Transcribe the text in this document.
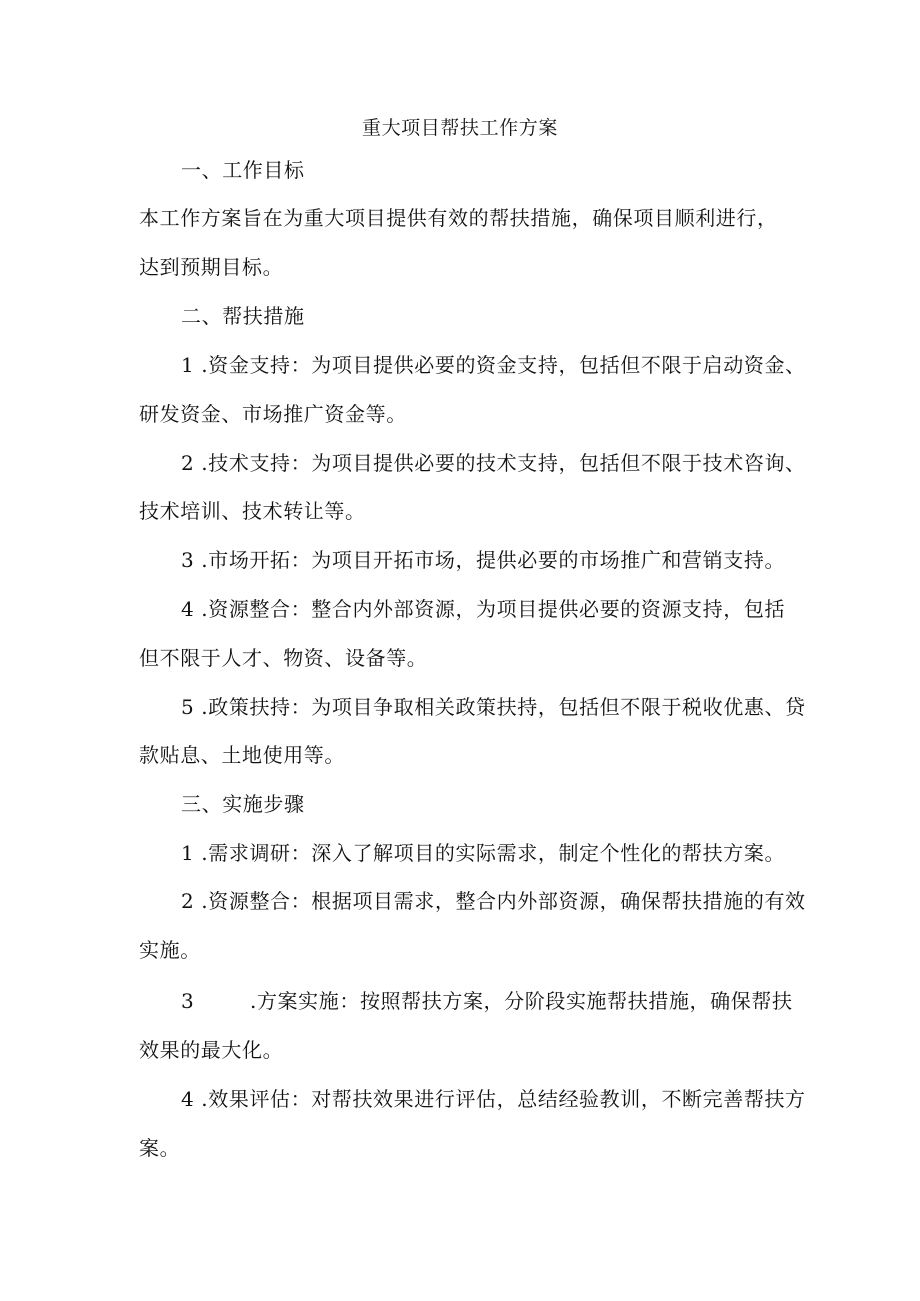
重大项目帮扶工作方案

一、工作目标

本工作方案旨在为重大项目提供有效的帮扶措施，确保项目顺利进行，

达到预期目标。

二、帮扶措施

1 .资金支持：为项目提供必要的资金支持，包括但不限于启动资金、

研发资金、市场推广资金等。

2 .技术支持：为项目提供必要的技术支持，包括但不限于技术咨询、

技术培训、技术转让等。

3 .市场开拓：为项目开拓市场，提供必要的市场推广和营销支持。

4 .资源整合：整合内外部资源，为项目提供必要的资源支持，包括

但不限于人才、物资、设备等。

5 .政策扶持：为项目争取相关政策扶持，包括但不限于税收优惠、贷

款贴息、土地使用等。

三、实施步骤

1 .需求调研：深入了解项目的实际需求，制定个性化的帮扶方案。

2 .资源整合：根据项目需求，整合内外部资源，确保帮扶措施的有效

实施。

3        .方案实施：按照帮扶方案，分阶段实施帮扶措施，确保帮扶

效果的最大化。

4 .效果评估：对帮扶效果进行评估，总结经验教训，不断完善帮扶方

案。
